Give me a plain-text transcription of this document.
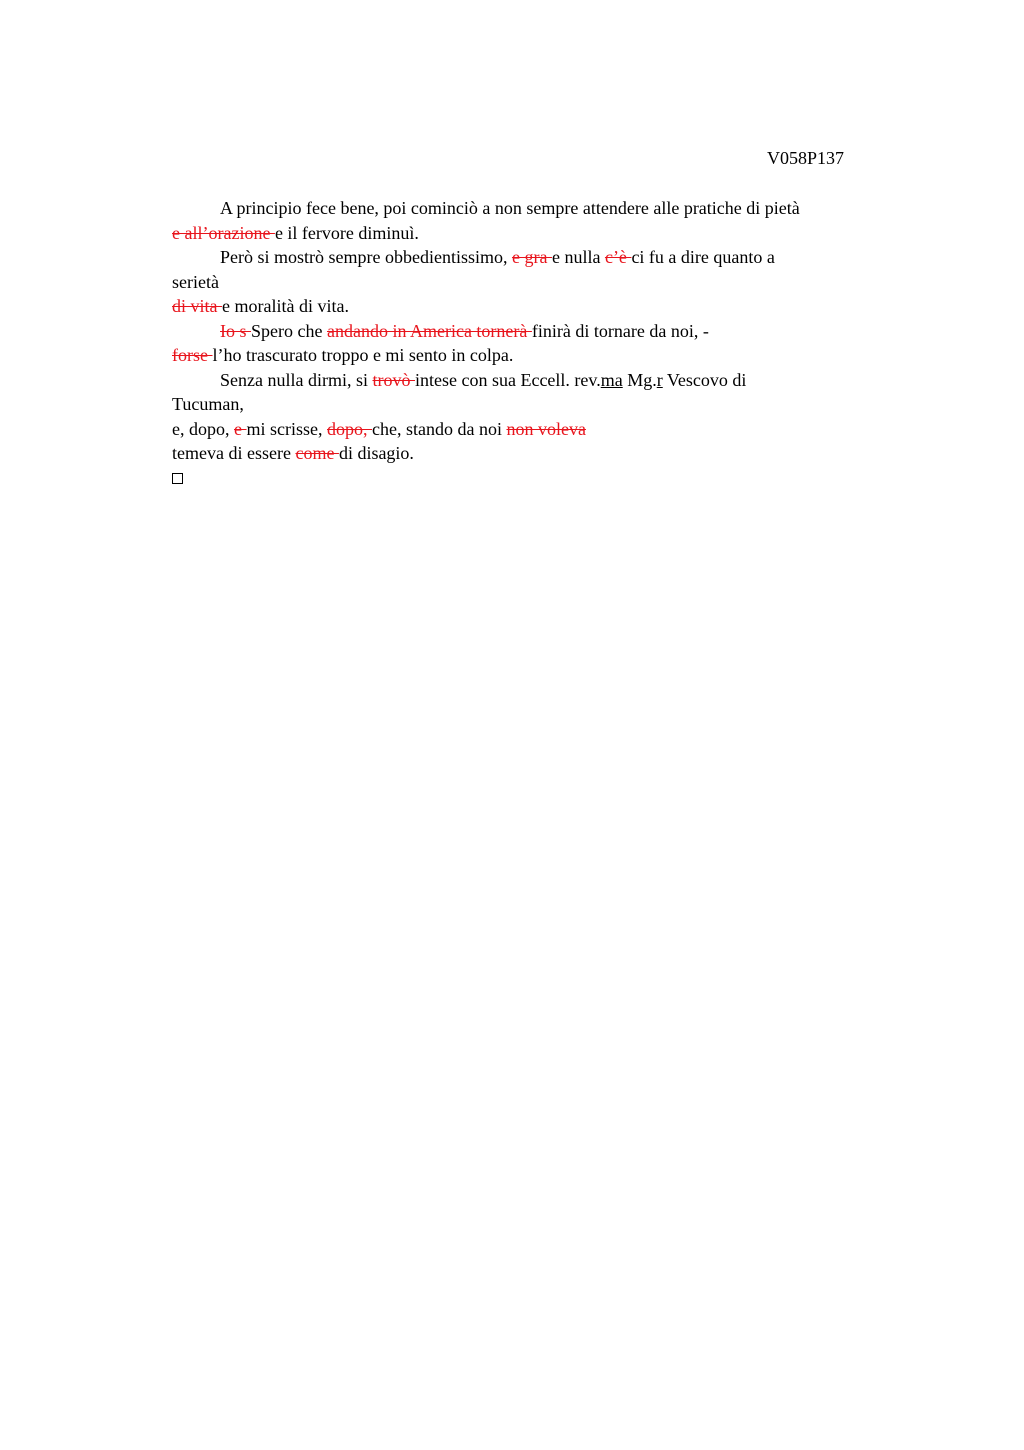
V058P137

A principio fece bene, poi cominciò a non sempre attendere alle pratiche di pietà

e all’orazione e il fervore diminuì.

Però si mostrò sempre obbedientissimo, e gra e nulla c’è ci fu a dire quanto a

serietà

di vita e moralità di vita.

Io s Spero che andando in America tornerà finirà di tornare da noi, -

forse l’ho trascurato troppo e mi sento in colpa.

Senza nulla dirmi, si trovò intese con sua Eccell. rev.ma Mg.r Vescovo di

Tucuman,

e, dopo, e mi scrisse, dopo, che, stando da noi non voleva

temeva di essere come di disagio.
